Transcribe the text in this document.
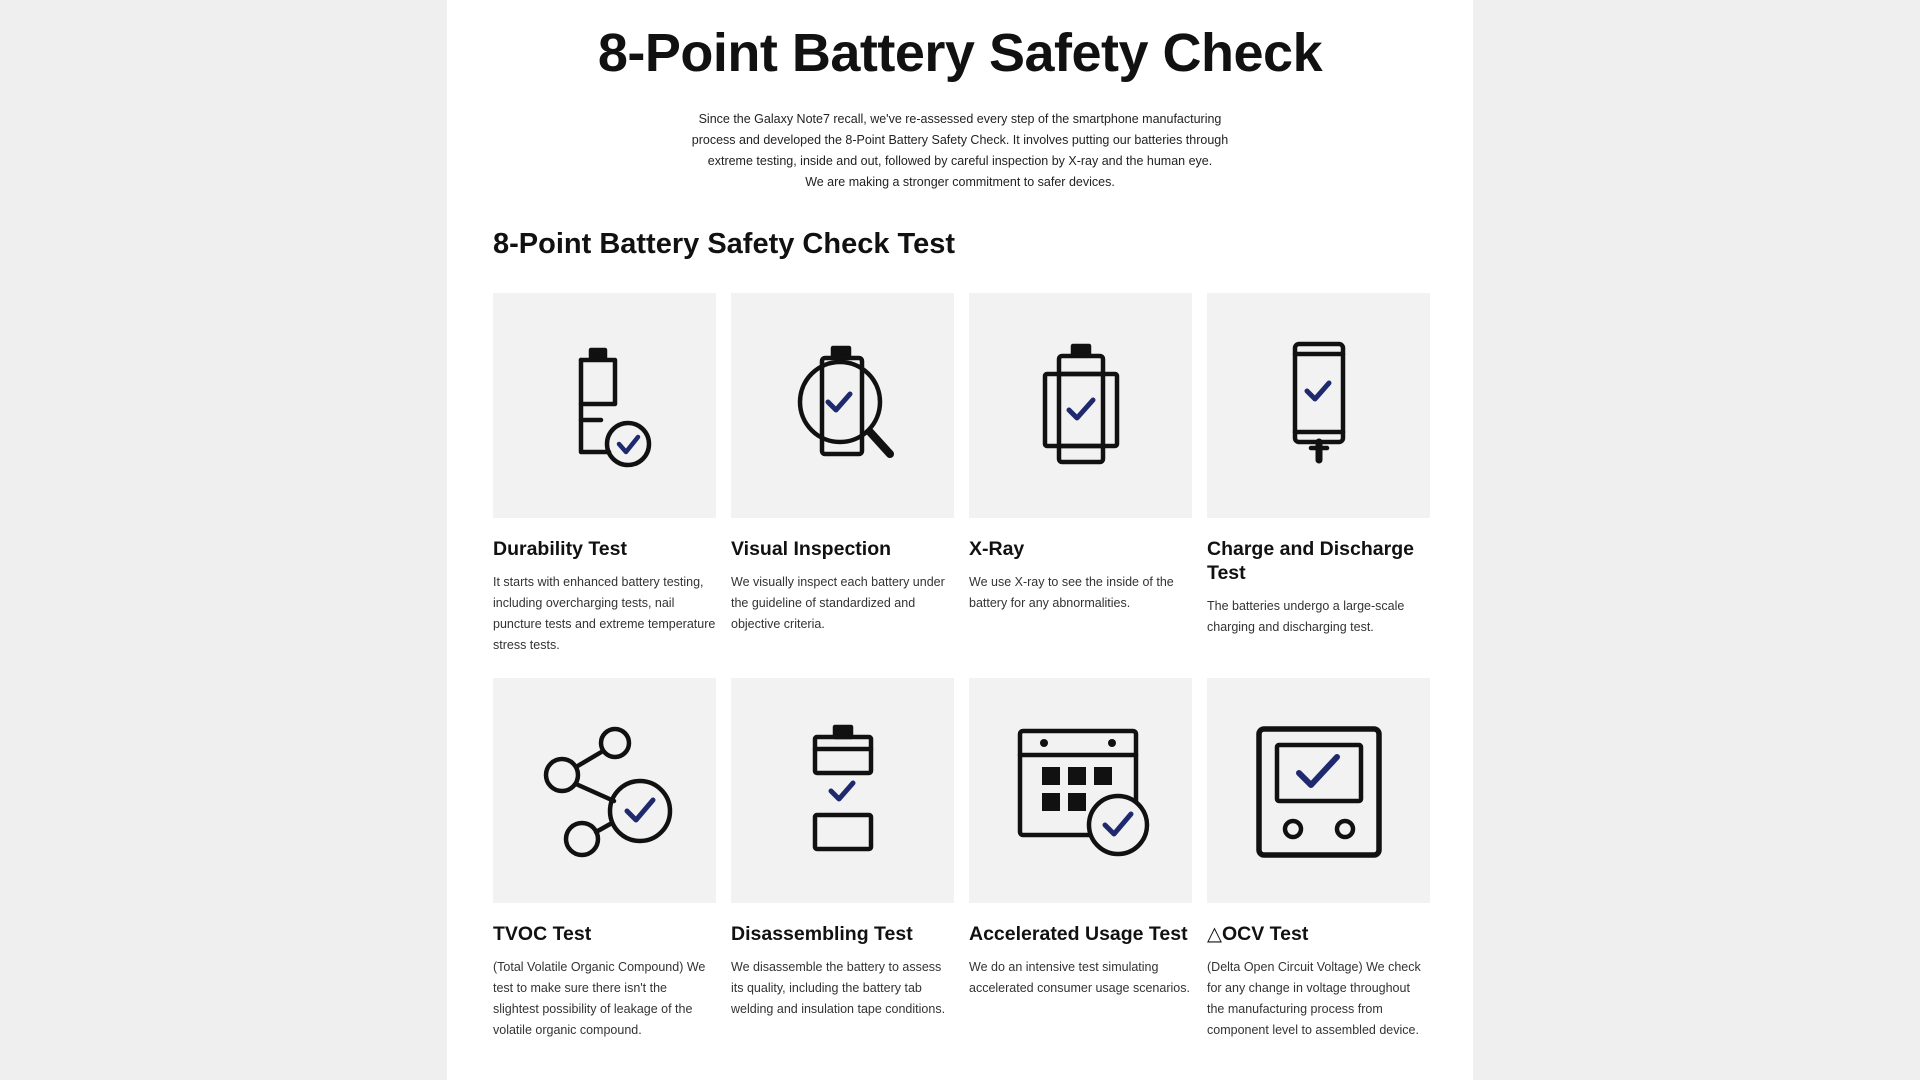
8-Point Battery Safety Check

Since the Galaxy Note7 recall, we've re-assessed every step of the smartphone manufacturing
process and developed the 8-Point Battery Safety Check. It involves putting our batteries through
extreme testing, inside and out, followed by careful inspection by X-ray and the human eye.
We are making a stronger commitment to safer devices.

8-Point Battery Safety Check Test
Durability Test
It starts with enhanced battery testing, including overcharging tests, nail puncture tests and extreme temperature stress tests.
Visual Inspection
We visually inspect each battery under the guideline of standardized and objective criteria.
X-Ray
We use X-ray to see the inside of the battery for any abnormalities.
Charge and Discharge Test
The batteries undergo a large-scale charging and discharging test.
TVOC Test
(Total Volatile Organic Compound) We test to make sure there isn't the slightest possibility of leakage of the volatile organic compound.
Disassembling Test
We disassemble the battery to assess its quality, including the battery tab welding and insulation tape conditions.
Accelerated Usage Test
We do an intensive test simulating accelerated consumer usage scenarios.
△OCV Test
(Delta Open Circuit Voltage) We check for any change in voltage throughout the manufacturing process from component level to assembled device.
